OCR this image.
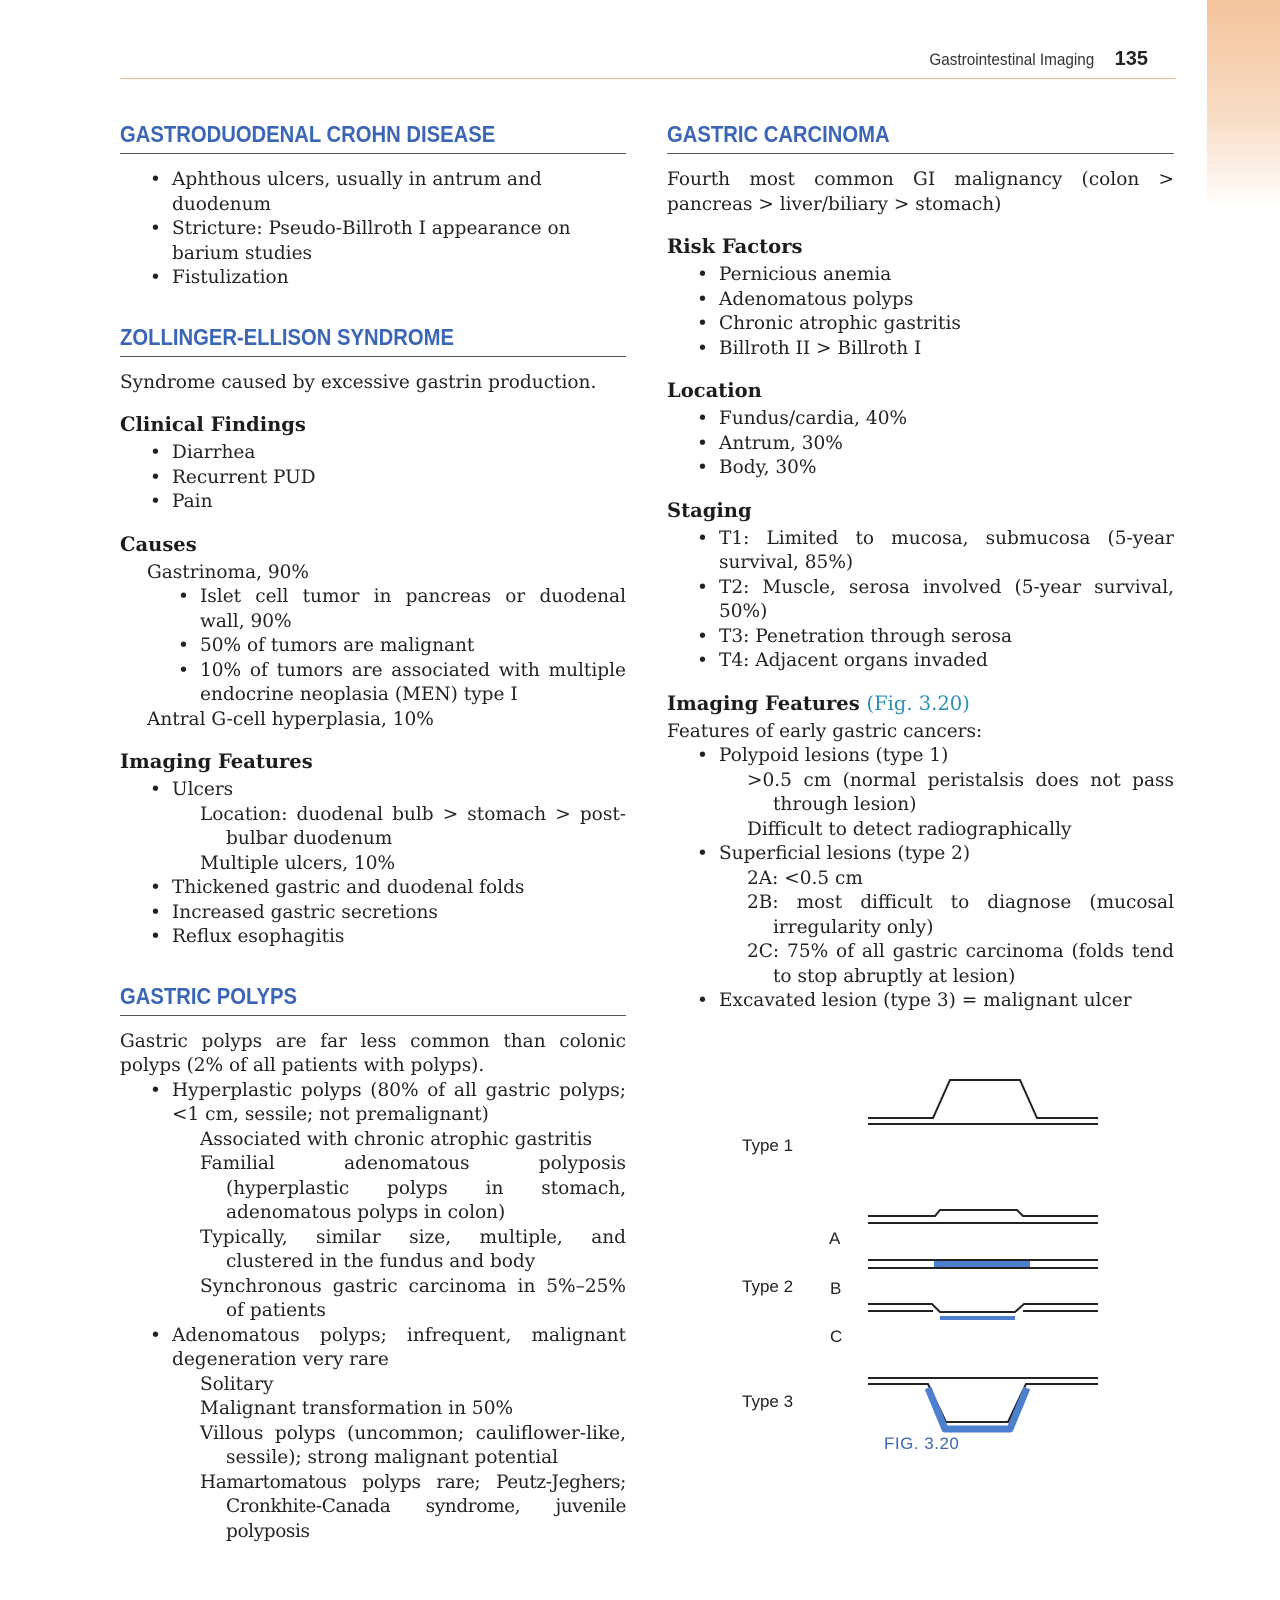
Gastrointestinal Imaging 135
GASTRODUODENAL CROHN DISEASE
• Aphthous ulcers, usually in antrum and duodenum
• Stricture: Pseudo-Billroth I appearance on barium studies
• Fistulization
ZOLLINGER-ELLISON SYNDROME

Syndrome caused by excessive gastrin production.

Clinical Findings
• Diarrhea
• Recurrent PUD
• Pain
Causes

Gastrinoma, 90%

• Islet cell tumor in pancreas or duodenal wall, 90%
• 50% of tumors are malignant
• 10% of tumors are associated with multiple endocrine neoplasia (MEN) type I

Antral G-cell hyperplasia, 10%

Imaging Features
• Ulcers

Location: duodenal bulb > stomach > post-bulbar duodenum

Multiple ulcers, 10%

• Thickened gastric and duodenal folds
• Increased gastric secretions
• Reflux esophagitis
GASTRIC POLYPS

Gastric polyps are far less common than colonic polyps (2% of all patients with polyps).

• Hyperplastic polyps (80% of all gastric polyps; <1 cm, sessile; not premalignant)

Associated with chronic atrophic gastritis

Familial adenomatous polyposis (hyperplastic polyps in stomach, adenomatous polyps in colon)

Typically, similar size, multiple, and clustered in the fundus and body

Synchronous gastric carcinoma in 5%–25% of patients

• Adenomatous polyps; infrequent, malignant degeneration very rare

Solitary

Malignant transformation in 50%

Villous polyps (uncommon; cauliflower-like, sessile); strong malignant potential

Hamartomatous polyps rare; Peutz-Jeghers; Cronkhite-Canada syndrome, juvenile polyposis

GASTRIC CARCINOMA

Fourth most common GI malignancy (colon > pancreas > liver/biliary > stomach)

Risk Factors
• Pernicious anemia
• Adenomatous polyps
• Chronic atrophic gastritis
• Billroth II > Billroth I
Location
• Fundus/cardia, 40%
• Antrum, 30%
• Body, 30%
Staging
• T1: Limited to mucosa, submucosa (5-year survival, 85%)
• T2: Muscle, serosa involved (5-year survival, 50%)
• T3: Penetration through serosa
• T4: Adjacent organs invaded
Imaging Features (Fig. 3.20)

Features of early gastric cancers:

• Polypoid lesions (type 1)

>0.5 cm (normal peristalsis does not pass through lesion)

Difficult to detect radiographically

• Superficial lesions (type 2)

2A: <0.5 cm

2B: most difficult to diagnose (mucosal irregularity only)

2C: 75% of all gastric carcinoma (folds tend to stop abruptly at lesion)

• Excavated lesion (type 3) = malignant ulcer
Type 1
Type 2
Type 3
A
B
C
FIG. 3.20
